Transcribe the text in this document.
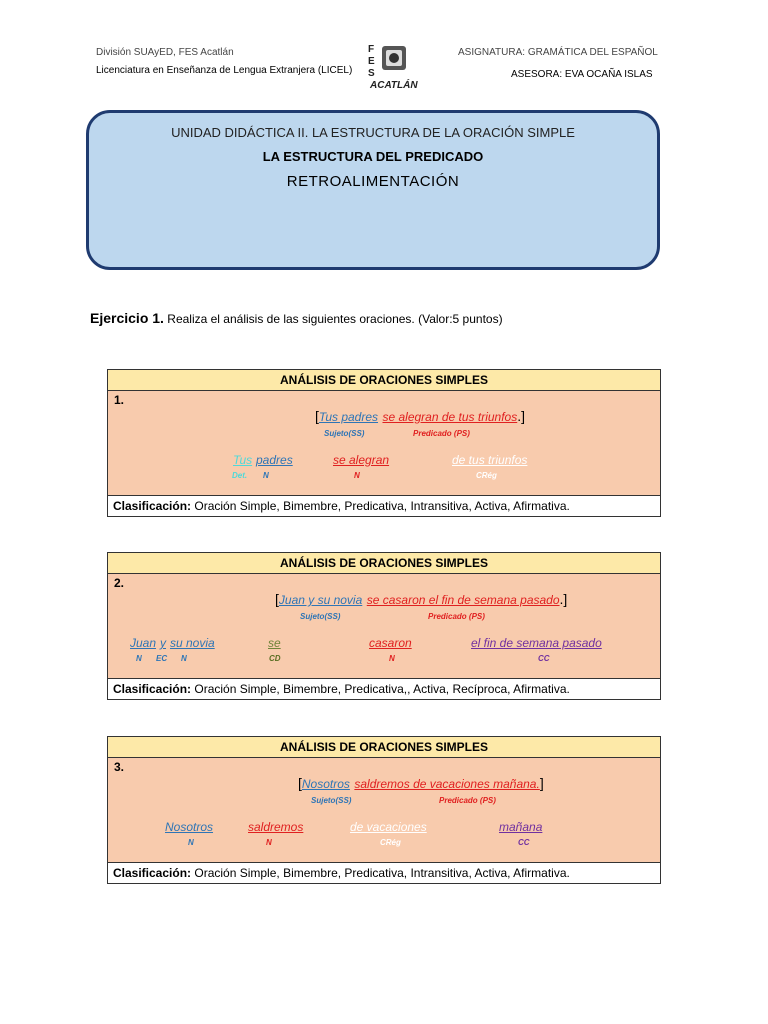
División SUAyED, FES Acatlán
Licenciatura en Enseñanza de Lengua Extranjera (LICEL)
ASIGNATURA: GRAMÁTICA DEL ESPAÑOL
ASESORA: EVA OCAÑA ISLAS
F
E
S
ACATLÁN
UNIDAD DIDÁCTICA II. LA ESTRUCTURA DE LA ORACIÓN SIMPLE
LA ESTRUCTURA DEL PREDICADO
RETROALIMENTACIÓN
Ejercicio 1. Realiza el análisis de las siguientes oraciones. (Valor:5 puntos)
ANÁLISIS DE ORACIONES SIMPLES
1.
[Tus padres se alegran de tus triunfos.]
Sujeto(SS)	Predicado (PS)
Tus
Det.
padres
N
se alegran
N
de tus triunfos
CRég
Clasificación: Oración Simple, Bimembre, Predicativa, Intransitiva, Activa, Afirmativa.
ANÁLISIS DE ORACIONES SIMPLES
2.
[Juan y su novia se casaron el fin de semana pasado.]
Sujeto(SS)	Predicado (PS)
Juan
N
y
EC
su novia
N
se
CD
casaron
N
el fin de semana pasado
CC
Clasificación: Oración Simple, Bimembre, Predicativa,, Activa, Recíproca, Afirmativa.
ANÁLISIS DE ORACIONES SIMPLES
3.
[Nosotros saldremos de vacaciones mañana.]
Sujeto(SS)	Predicado (PS)
Nosotros
N
saldremos
N
de vacaciones
CRég
mañana
CC
Clasificación: Oración Simple, Bimembre, Predicativa, Intransitiva, Activa, Afirmativa.
